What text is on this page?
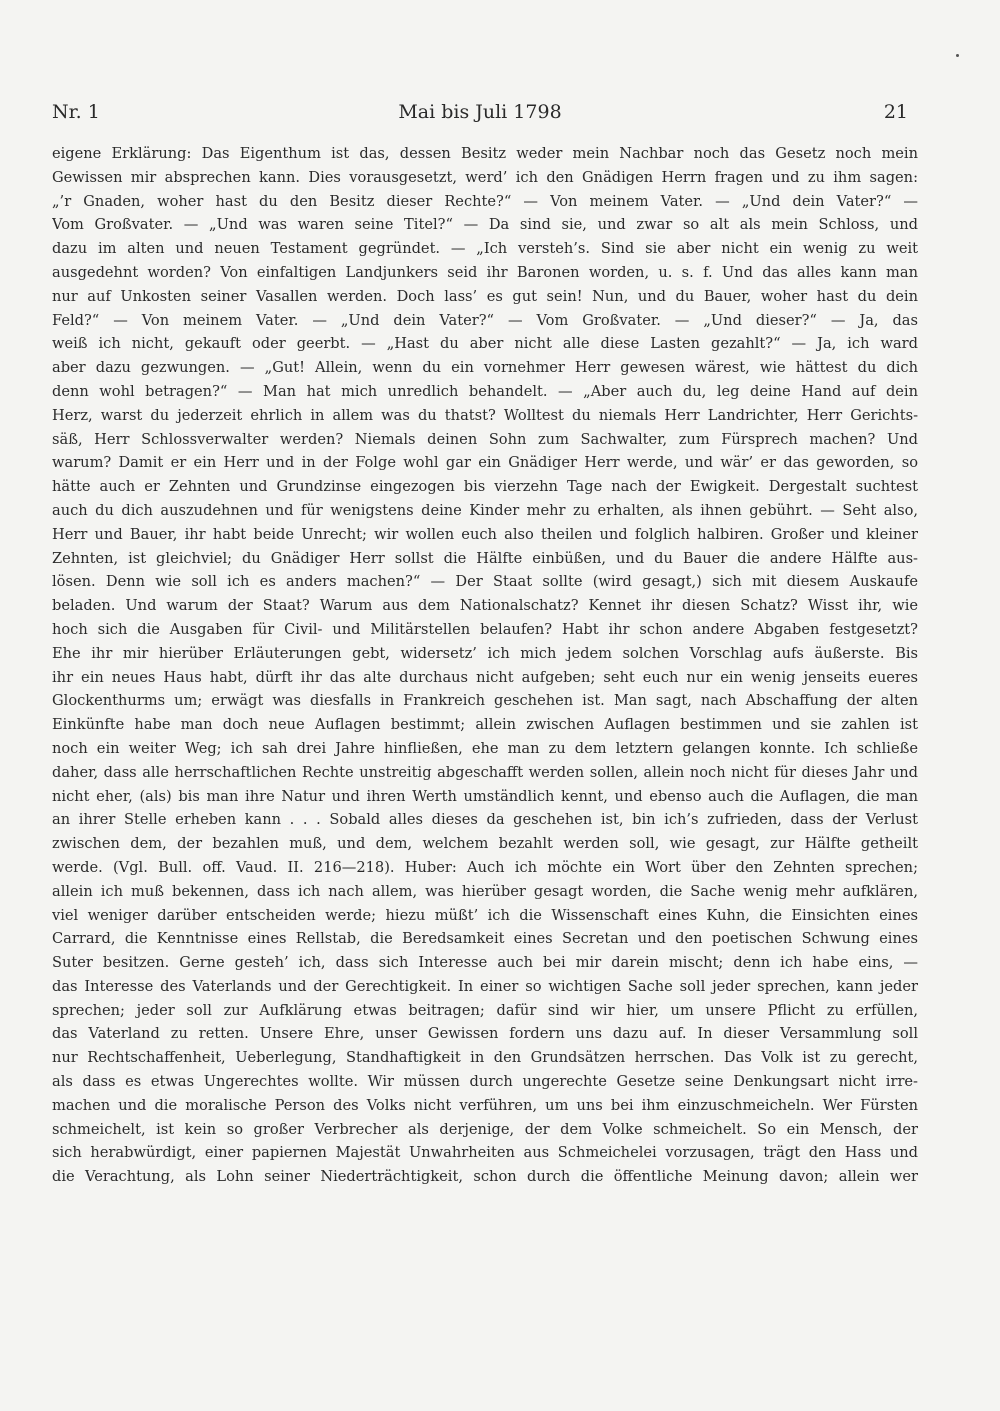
Nr. 1	Mai bis Juli 1798	21
eigene Erklärung: Das Eigenthum ist das, dessen Besitz weder mein Nachbar noch das Gesetz noch mein
Gewissen mir absprechen kann. Dies vorausgesetzt, werd’ ich den Gnädigen Herrn fragen und zu ihm sagen:
„’r Gnaden, woher hast du den Besitz dieser Rechte?“ — Von meinem Vater. — „Und dein Vater?“ —
Vom Großvater. — „Und was waren seine Titel?“ — Da sind sie, und zwar so alt als mein Schloss, und
dazu im alten und neuen Testament gegründet. — „Ich versteh’s. Sind sie aber nicht ein wenig zu weit
ausgedehnt worden? Von einfaltigen Landjunkers seid ihr Baronen worden, u. s. f. Und das alles kann man
nur auf Unkosten seiner Vasallen werden. Doch lass’ es gut sein! Nun, und du Bauer, woher hast du dein
Feld?“ — Von meinem Vater. — „Und dein Vater?“ — Vom Großvater. — „Und dieser?“ — Ja, das
weiß ich nicht, gekauft oder geerbt. — „Hast du aber nicht alle diese Lasten gezahlt?“ — Ja, ich ward
aber dazu gezwungen. — „Gut! Allein, wenn du ein vornehmer Herr gewesen wärest, wie hättest du dich
denn wohl betragen?“ — Man hat mich unredlich behandelt. — „Aber auch du, leg deine Hand auf dein
Herz, warst du jederzeit ehrlich in allem was du thatst? Wolltest du niemals Herr Landrichter, Herr Gerichts-
säß, Herr Schlossverwalter werden? Niemals deinen Sohn zum Sachwalter, zum Fürsprech machen? Und
warum? Damit er ein Herr und in der Folge wohl gar ein Gnädiger Herr werde, und wär’ er das geworden, so
hätte auch er Zehnten und Grundzinse eingezogen bis vierzehn Tage nach der Ewigkeit. Dergestalt suchtest
auch du dich auszudehnen und für wenigstens deine Kinder mehr zu erhalten, als ihnen gebührt. — Seht also,
Herr und Bauer, ihr habt beide Unrecht; wir wollen euch also theilen und folglich halbiren. Großer und kleiner
Zehnten, ist gleichviel; du Gnädiger Herr sollst die Hälfte einbüßen, und du Bauer die andere Hälfte aus-
lösen. Denn wie soll ich es anders machen?“ — Der Staat sollte (wird gesagt,) sich mit diesem Auskaufe
beladen. Und warum der Staat? Warum aus dem Nationalschatz? Kennet ihr diesen Schatz? Wisst ihr, wie
hoch sich die Ausgaben für Civil- und Militärstellen belaufen? Habt ihr schon andere Abgaben festgesetzt?
Ehe ihr mir hierüber Erläuterungen gebt, widersetz’ ich mich jedem solchen Vorschlag aufs äußerste. Bis
ihr ein neues Haus habt, dürft ihr das alte durchaus nicht aufgeben; seht euch nur ein wenig jenseits eueres
Glockenthurms um; erwägt was diesfalls in Frankreich geschehen ist. Man sagt, nach Abschaffung der alten
Einkünfte habe man doch neue Auflagen bestimmt; allein zwischen Auflagen bestimmen und sie zahlen ist
noch ein weiter Weg; ich sah drei Jahre hinfließen, ehe man zu dem letztern gelangen konnte. Ich schließe
daher, dass alle herrschaftlichen Rechte unstreitig abgeschafft werden sollen, allein noch nicht für dieses Jahr und
nicht eher, (als) bis man ihre Natur und ihren Werth umständlich kennt, und ebenso auch die Auflagen, die man
an ihrer Stelle erheben kann . . . Sobald alles dieses da geschehen ist, bin ich’s zufrieden, dass der Verlust
zwischen dem, der bezahlen muß, und dem, welchem bezahlt werden soll, wie gesagt, zur Hälfte getheilt
werde. (Vgl. Bull. off. Vaud. II. 216—218). Huber: Auch ich möchte ein Wort über den Zehnten sprechen;
allein ich muß bekennen, dass ich nach allem, was hierüber gesagt worden, die Sache wenig mehr aufklären,
viel weniger darüber entscheiden werde; hiezu müßt’ ich die Wissenschaft eines Kuhn, die Einsichten eines
Carrard, die Kenntnisse eines Rellstab, die Beredsamkeit eines Secretan und den poetischen Schwung eines
Suter besitzen. Gerne gesteh’ ich, dass sich Interesse auch bei mir darein mischt; denn ich habe eins, —
das Interesse des Vaterlands und der Gerechtigkeit. In einer so wichtigen Sache soll jeder sprechen, kann jeder
sprechen; jeder soll zur Aufklärung etwas beitragen; dafür sind wir hier, um unsere Pflicht zu erfüllen,
das Vaterland zu retten. Unsere Ehre, unser Gewissen fordern uns dazu auf. In dieser Versammlung soll
nur Rechtschaffenheit, Ueberlegung, Standhaftigkeit in den Grundsätzen herrschen. Das Volk ist zu gerecht,
als dass es etwas Ungerechtes wollte. Wir müssen durch ungerechte Gesetze seine Denkungsart nicht irre-
machen und die moralische Person des Volks nicht verführen, um uns bei ihm einzuschmeicheln. Wer Fürsten
schmeichelt, ist kein so großer Verbrecher als derjenige, der dem Volke schmeichelt. So ein Mensch, der
sich herabwürdigt, einer papiernen Majestät Unwahrheiten aus Schmeichelei vorzusagen, trägt den Hass und
die Verachtung, als Lohn seiner Niederträchtigkeit, schon durch die öffentliche Meinung davon; allein wer
